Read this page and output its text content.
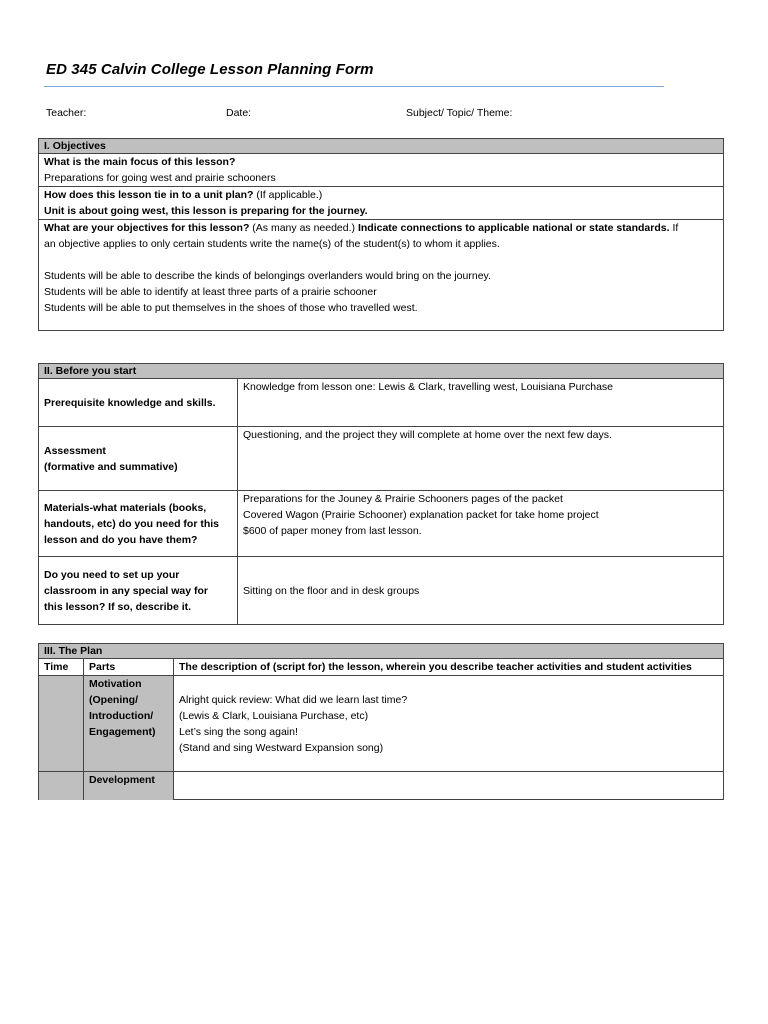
ED 345 Calvin College Lesson Planning Form
Teacher:	Date:	Subject/ Topic/ Theme:
I. Objectives

What is the main focus of this lesson?
Preparations for going west and prairie schooners

How does this lesson tie in to a unit plan? (If applicable.)
Unit is about going west, this lesson is preparing for the journey.

What are your objectives for this lesson? (As many as needed.) Indicate connections to applicable national or state standards. If
an objective applies to only certain students write the name(s) of the student(s) to whom it applies.
Students will be able to describe the kinds of belongings overlanders would bring on the journey.
Students will be able to identify at least three parts of a prairie schooner
Students will be able to put themselves in the shoes of those who travelled west.
II. Before you start	
Prerequisite knowledge and skills.	Knowledge from lesson one: Lewis & Clark, travelling west, Louisiana Purchase

Assessment
(formative and summative)	Questioning, and the project they will complete at home over the next few days.

Materials-what materials (books,
handouts, etc) do you need for this
lesson and do you have them?	Preparations for the Jouney & Prairie Schooners pages of the packet
Covered Wagon (Prairie Schooner) explanation packet for take home project
$600 of paper money from last lesson.

Do you need to set up your
classroom in any special way for
this lesson? If so, describe it.	Sitting on the floor and in desk groups
III. The Plan		
Time	Parts	The description of (script for) the lesson, wherein you describe teacher activities and student activities

	Motivation
(Opening/
Introduction/
Engagement)	Alright quick review: What did we learn last time?
(Lewis & Clark, Louisiana Purchase, etc)
Let’s sing the song again!
(Stand and sing Westward Expansion song)

	Development	
